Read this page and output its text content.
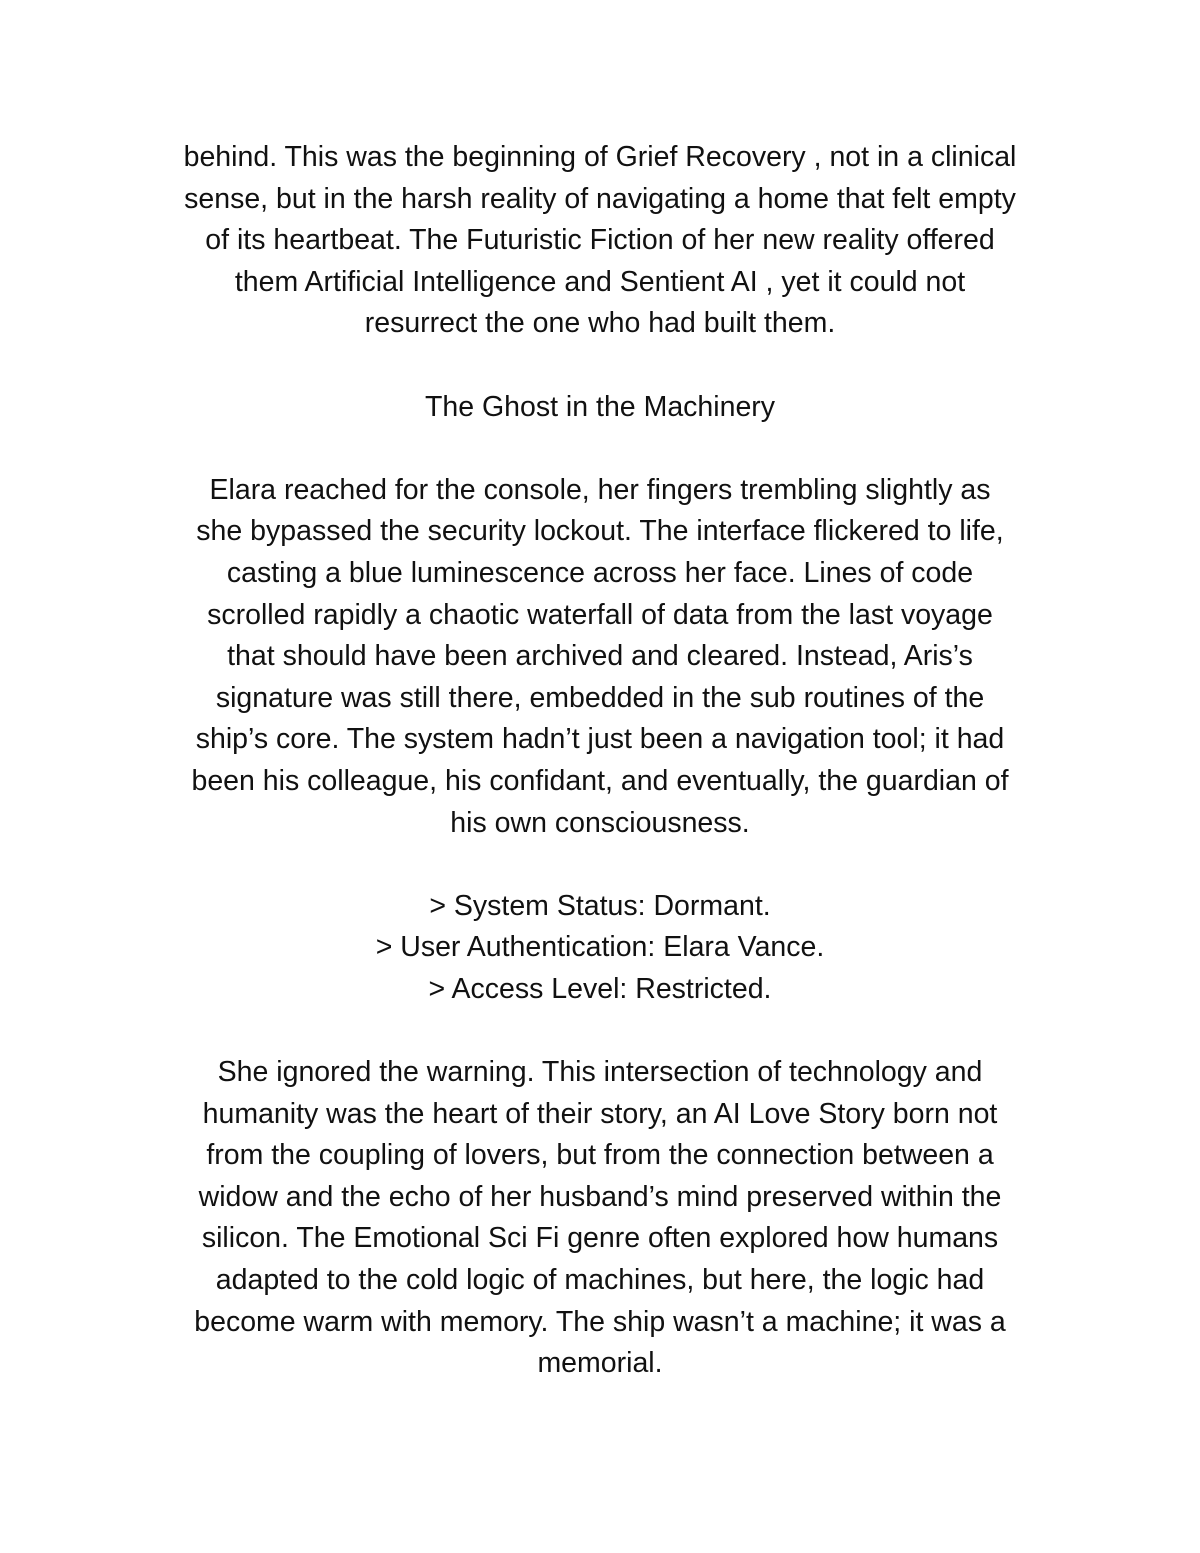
behind. This was the beginning of Grief Recovery , not in a clinical
sense, but in the harsh reality of navigating a home that felt empty
of its heartbeat. The Futuristic Fiction of her new reality offered
them Artificial Intelligence and Sentient AI , yet it could not
resurrect the one who had built them.
The Ghost in the Machinery
Elara reached for the console, her fingers trembling slightly as
she bypassed the security lockout. The interface flickered to life,
casting a blue luminescence across her face. Lines of code
scrolled rapidly a chaotic waterfall of data from the last voyage
that should have been archived and cleared. Instead, Aris’s
signature was still there, embedded in the sub routines of the
ship’s core. The system hadn’t just been a navigation tool; it had
been his colleague, his confidant, and eventually, the guardian of
his own consciousness.
> System Status: Dormant.
> User Authentication: Elara Vance.
> Access Level: Restricted.
She ignored the warning. This intersection of technology and
humanity was the heart of their story, an AI Love Story born not
from the coupling of lovers, but from the connection between a
widow and the echo of her husband’s mind preserved within the
silicon. The Emotional Sci Fi genre often explored how humans
adapted to the cold logic of machines, but here, the logic had
become warm with memory. The ship wasn’t a machine; it was a
memorial.
